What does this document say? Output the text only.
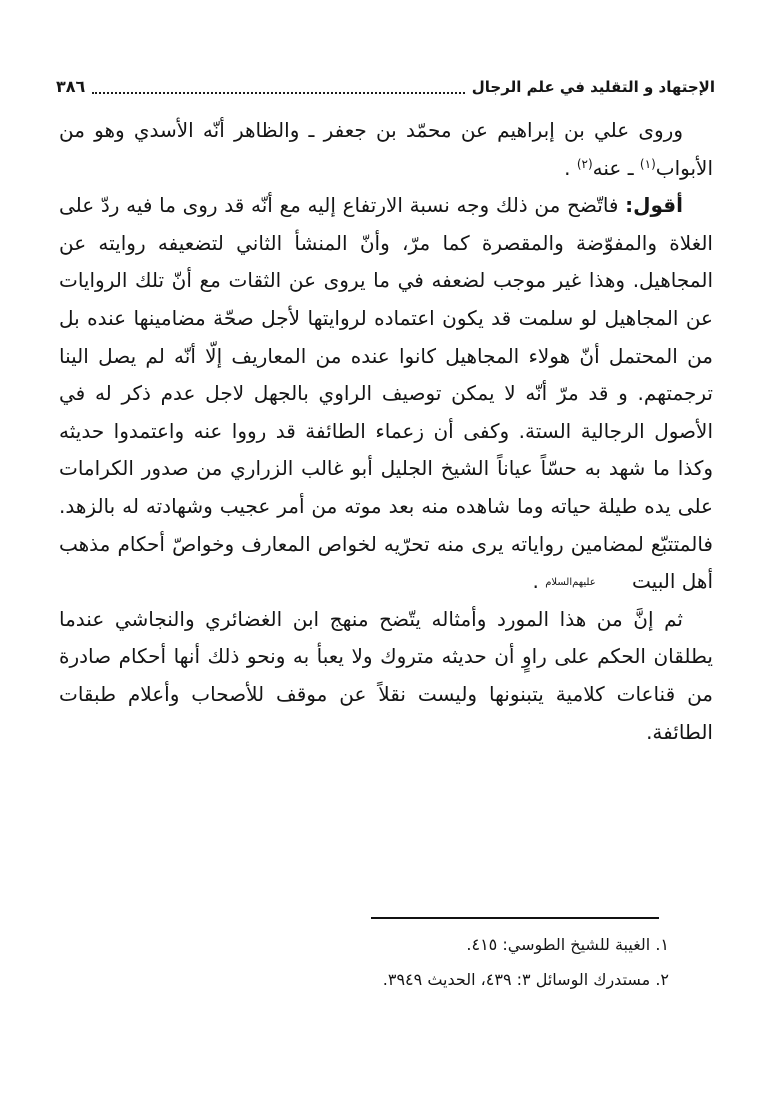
الإجتهاد و التقليد في علم الرجال
٣٨٦

وروى علي بن إبراهيم عن محمّد بن جعفر ـ والظاهر أنّه الأسدي وهو من الأبواب$^{(١)}$ ـ عنه$^{(٢)}$ .

أقول: فاتّضح من ذلك وجه نسبة الارتفاع إليه مع أنّه قد روى ما فيه ردّ على الغلاة والمفوّضة والمقصرة كما مرّ، وأنّ المنشأ الثاني لتضعيفه روايته عن المجاهيل. وهذا غير موجب لضعفه في ما يروى عن الثقات مع أنّ تلك الروايات عن المجاهيل لو سلمت قد يكون اعتماده لروايتها لأجل صحّة مضامينها عنده بل من المحتمل أنّ هولاء المجاهيل كانوا عنده من المعاريف إلّا أنّه لم يصل الينا ترجمتهم. و قد مرّ أنّه لا يمكن توصيف الراوي بالجهل لاجل عدم ذكر له في الأصول الرجالية الستة. وكفى أن زعماء الطائفة قد رووا عنه واعتمدوا حديثه وكذا ما شهد به حسّاً عياناً الشيخ الجليل أبو غالب الزراري من صدور الكرامات على يده طيلة حياته وما شاهده منه بعد موته من أمر عجيب وشهادته له بالزهد. فالمتتبّع لمضامين رواياته يرى منه تحرّيه لخواص المعارف وخواصّ أحكام مذهب أهل البيت عليهم‌السلام .

ثم إنَّ من هذا المورد وأمثاله يتّضح منهج ابن الغضائري والنجاشي عندما يطلقان الحكم على راوٍ أن حديثه متروك ولا يعبأ به ونحو ذلك أنها أحكام صادرة من قناعات كلامية يتبنونها وليست نقلاً عن موقف للأصحاب وأعلام طبقات الطائفة.

١. الغيبة للشيخ الطوسي: ٤١٥.

٢. مستدرك الوسائل ٣: ٤٣٩، الحديث ٣٩٤٩.
